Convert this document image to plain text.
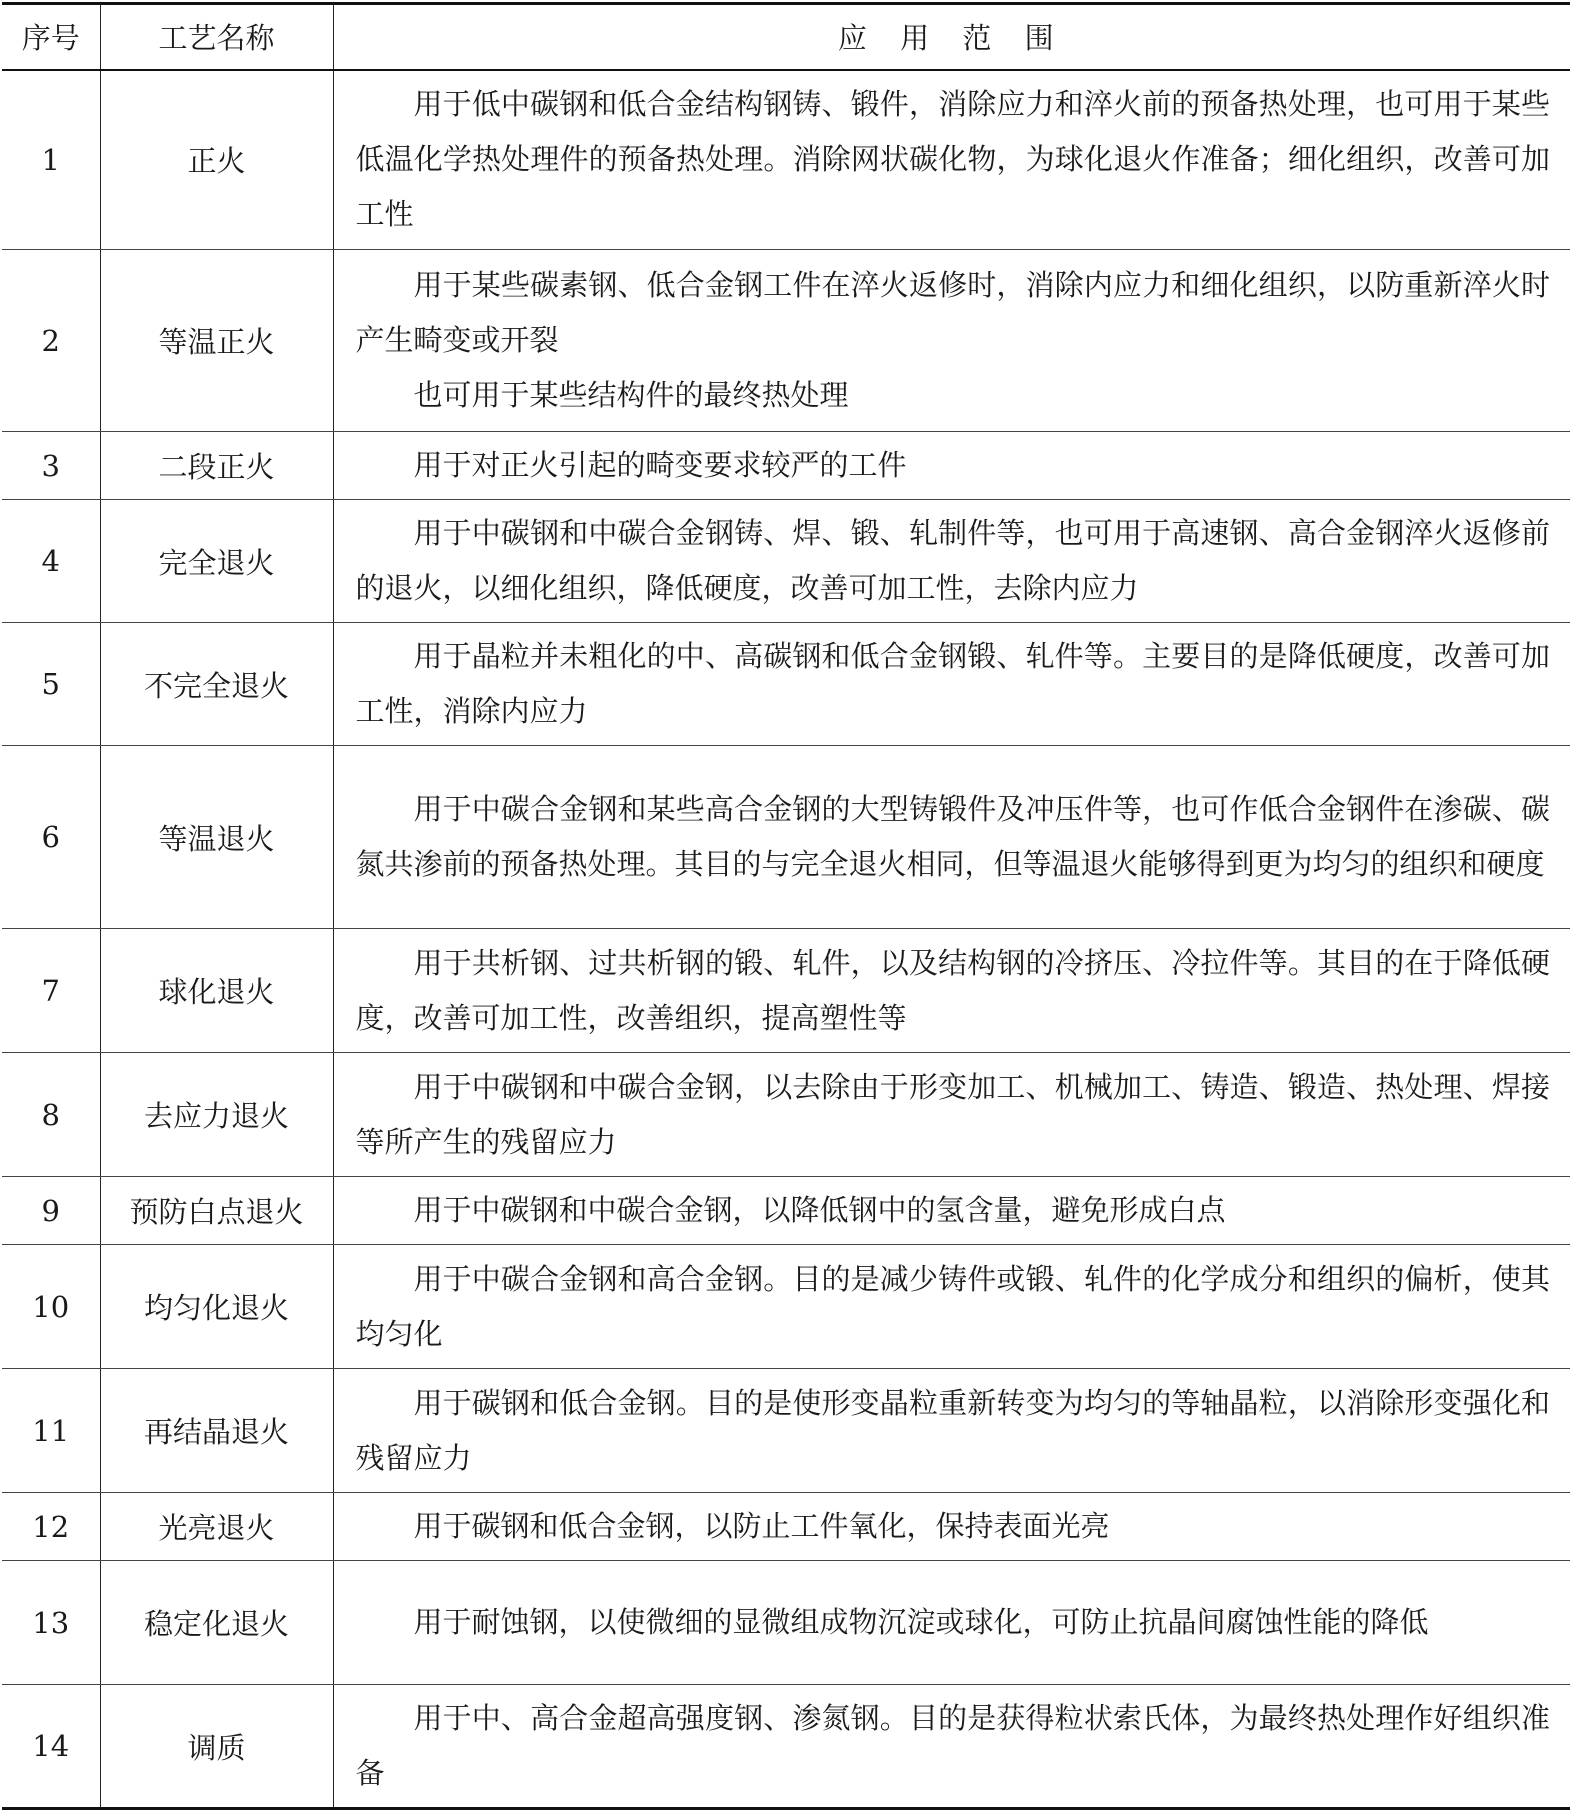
序号	工艺名称	应 用 范 围
1	正火	用于低中碳钢和低合金结构钢铸、锻件，消除应力和淬火前的预备热处理，也可用于某些低温化学热处理件的预备热处理。消除网状碳化物，为球化退火作准备；细化组织，改善可加工性

2	等温正火	用于某些碳素钢、低合金钢工件在淬火返修时，消除内应力和细化组织，以防重新淬火时产生畸变或开裂
也可用于某些结构件的最终热处理

3	二段正火	用于对正火引起的畸变要求较严的工件

4	完全退火	用于中碳钢和中碳合金钢铸、焊、锻、轧制件等，也可用于高速钢、高合金钢淬火返修前的退火，以细化组织，降低硬度，改善可加工性，去除内应力

5	不完全退火	用于晶粒并未粗化的中、高碳钢和低合金钢锻、轧件等。主要目的是降低硬度，改善可加工性，消除内应力

6	等温退火	用于中碳合金钢和某些高合金钢的大型铸锻件及冲压件等，也可作低合金钢件在渗碳、碳氮共渗前的预备热处理。其目的与完全退火相同，但等温退火能够得到更为均匀的组织和硬度

7	球化退火	用于共析钢、过共析钢的锻、轧件，以及结构钢的冷挤压、冷拉件等。其目的在于降低硬度，改善可加工性，改善组织，提高塑性等

8	去应力退火	用于中碳钢和中碳合金钢，以去除由于形变加工、机械加工、铸造、锻造、热处理、焊接等所产生的残留应力

9	预防白点退火	用于中碳钢和中碳合金钢，以降低钢中的氢含量，避免形成白点

10	均匀化退火	用于中碳合金钢和高合金钢。目的是减少铸件或锻、轧件的化学成分和组织的偏析，使其均匀化

11	再结晶退火	用于碳钢和低合金钢。目的是使形变晶粒重新转变为均匀的等轴晶粒，以消除形变强化和残留应力

12	光亮退火	用于碳钢和低合金钢，以防止工件氧化，保持表面光亮

13	稳定化退火	用于耐蚀钢，以使微细的显微组成物沉淀或球化，可防止抗晶间腐蚀性能的降低

14	调质	用于中、高合金超高强度钢、渗氮钢。目的是获得粒状索氏体，为最终热处理作好组织准备
